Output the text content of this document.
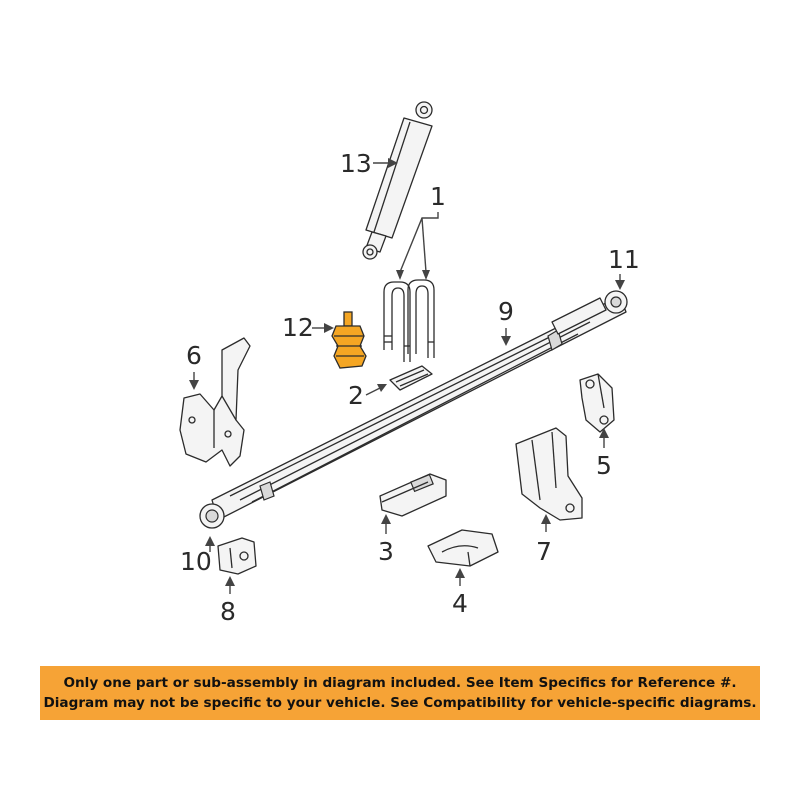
13
1
12
2
9
11
6
10
8
3
4
5
7
Only one part or sub-assembly in diagram included. See Item Specifics for Reference #.
Diagram may not be specific to your vehicle. See Compatibility for vehicle-specific diagrams.
